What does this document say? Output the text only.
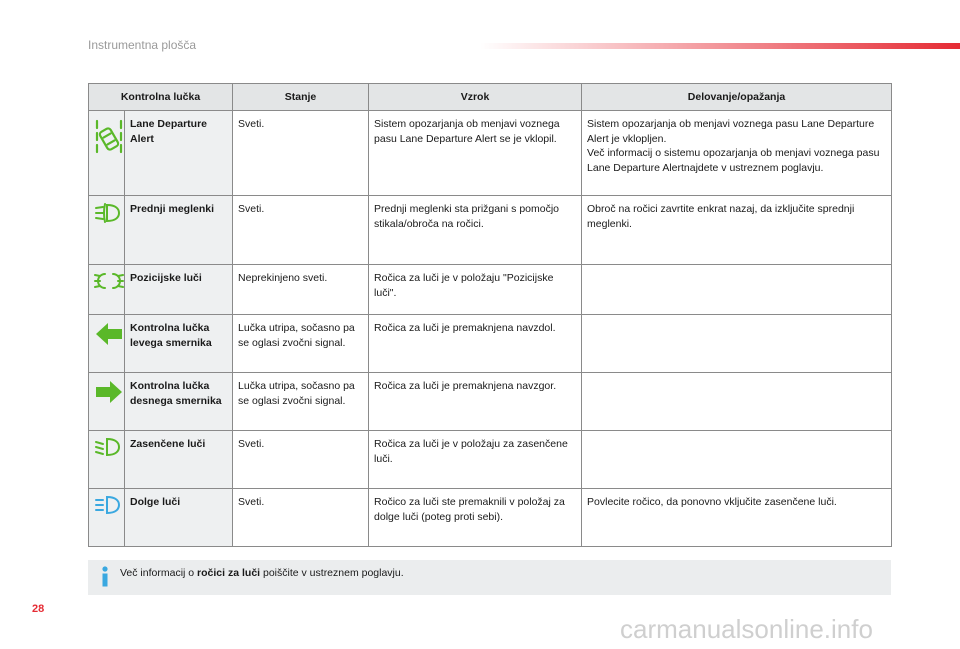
Instrumentna plošča
Kontrolna lučka		Stanje	Vzrok	Delovanje/opažanja
	Lane Departure Alert	Sveti.	Sistem opozarjanja ob menjavi voznega pasu Lane Departure Alert se je vklopil.	Sistem opozarjanja ob menjavi voznega pasu Lane Departure Alert je vklopljen.
Več informacij o sistemu opozarjanja ob menjavi voznega pasu Lane Departure Alertnajdete v ustreznem poglavju.
	Prednji meglenki	Sveti.	Prednji meglenki sta prižgani s pomočjo stikala/obroča na ročici.	Obroč na ročici zavrtite enkrat nazaj, da izključite sprednji meglenki.
	Pozicijske luči	Neprekinjeno sveti.	Ročica za luči je v položaju "Pozicijske luči".	
	Kontrolna lučka levega smernika	Lučka utripa, sočasno pa se oglasi zvočni signal.	Ročica za luči je premaknjena navzdol.	
	Kontrolna lučka desnega smernika	Lučka utripa, sočasno pa se oglasi zvočni signal.	Ročica za luči je premaknjena navzgor.	
	Zasenčene luči	Sveti.	Ročica za luči je v položaju za zasenčene luči.	
	Dolge luči	Sveti.	Ročico za luči ste premaknili v položaj za dolge luči (poteg proti sebi).	Povlecite ročico, da ponovno vključite zasenčene luči.
Več informacij o ročici za luči poiščite v ustreznem poglavju.
28
carmanualsonline.info
